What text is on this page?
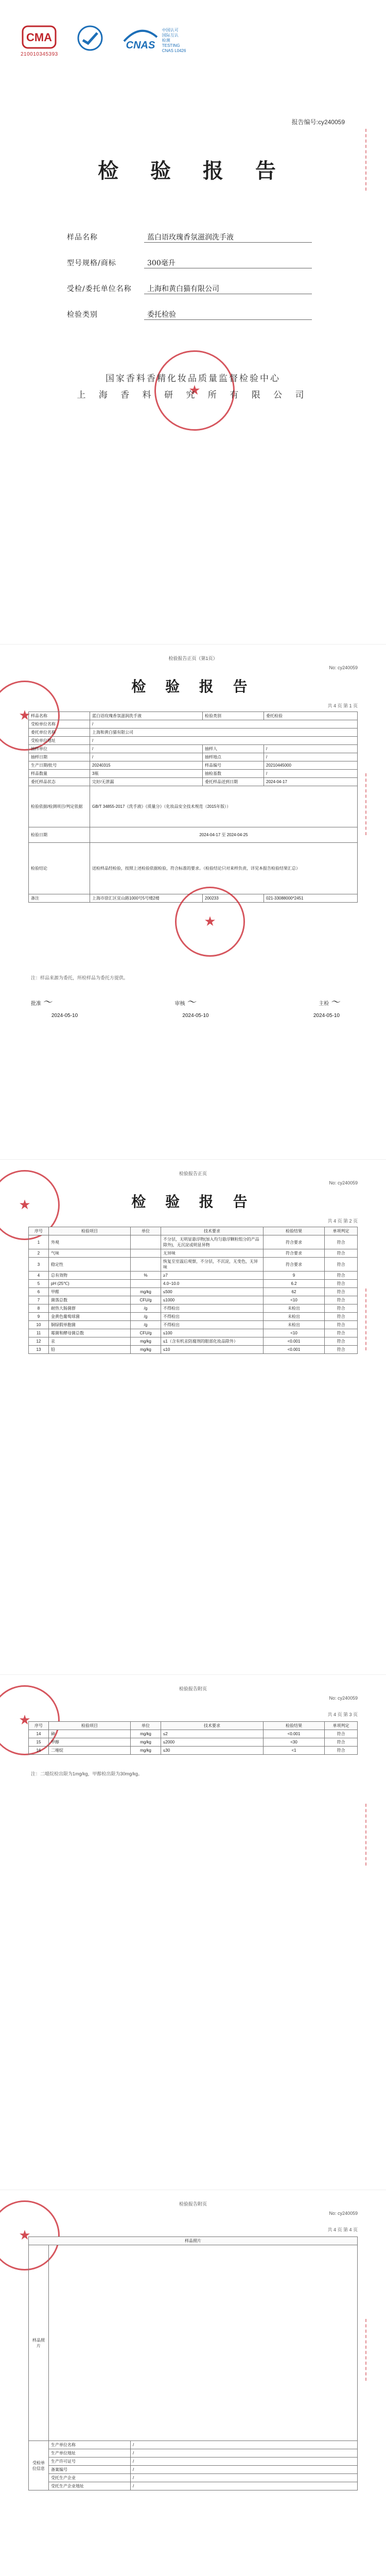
CMA
210010345393
CNAS
中国认可
国际互认
检测
TESTING
CNAS L0426
报告编号:cy240059
检 验 报 告
样品名称	蓝白语玫瑰香氛滋润洗手液
型号规格/商标	300毫升
受检/委托单位名称	上海和黄白猫有限公司
检验类别	委托检验
★
国家香料香精化妆品质量监督检验中心
上 海 香 料 研 究 所 有 限 公 司
检验报告正页（第1页）
No: cy240059
检 验 报 告
共 4 页 第 1 页
★
样品名称	蓝白语玫瑰香氛滋润洗手液	检验类别	委托检验
受检单位名称	/		
委托单位名称	上海和黄白猫有限公司		
受检单位地址	/		
抽样单位	/	抽样人	/
抽样日期	/	抽样地点	/
生产日期/批号	20240315	样品编号	20210445000
样品数量	3瓶	抽检基数	/
委托样品状态	完好/无泄漏	委托样品送到日期	2024-04-17
检验依据/检测项目/判定依据	GB/T 34855-2017《洗手液》《质量分》（化妆品安全技术规范（2015年版））		
检验日期	2024-04-17 至 2024-04-25		
检验结论	送检样品经检验，按照上述检验依据检验，符合标准的要求。（检验结论只对来样负责，详见本报告检验结果汇总）		
备注	上海市徐汇区宜山路1000号5号楼2楼	200233	021-33088000*2451
★
注：样品来源为委托，所检样品为委托方提供。
批准 ～	审核 ～	主检 ～
2024-05-10	2024-05-10	2024-05-10
检验报告正页
No: cy240059
检 验 报 告
共 4 页 第 2 页
★
序号	检验项目	单位	技术要求	检验结果	单项判定
1	外观		不分层，无明显悬浮物(加入均匀悬浮颗粒组分的产品除外)，无沉淀或明显异物	符合要求	符合
2	气味		无异味	符合要求	符合
3	稳定性		恢复至室温后观察，不分层，不沉淀，无变色，无异味	符合要求	符合
4	总有效物	%	≥7	9	符合
5	pH (25℃)		4.0~10.0	6.2	符合
6	甲醛	mg/kg	≤500	62	符合
7	菌落总数	CFU/g	≤1000	<10	符合
8	耐热大肠菌群	/g	不得检出	未检出	符合
9	金黄色葡萄球菌	/g	不得检出	未检出	符合
10	铜绿假单胞菌	/g	不得检出	未检出	符合
11	霉菌和酵母菌总数	CFU/g	≤100	<10	符合
12	汞	mg/kg	≤1（含有机汞防腐剂的眼部化妆品除外）	<0.001	符合
13	铅	mg/kg	≤10	<0.001	符合
检验报告附页
No: cy240059
共 4 页 第 3 页
★
序号	检验项目	单位	技术要求	检验结果	单项判定
14	砷	mg/kg	≤2	<0.001	符合
15	甲醇	mg/kg	≤2000	<30	符合
16	二噁烷	mg/kg	≤30	<1	符合
注：二噁烷检出限为1mg/kg，甲醇检出限为30mg/kg。
检验报告附页
No: cy240059
共 4 页 第 4 页
★
样品照片		
样品照片		
受检单位信息	生产单位名称	/
	生产单位地址	/
	生产许可证号	/
	备案编号	/
	受托生产企业	/
	受托生产企业地址	/
